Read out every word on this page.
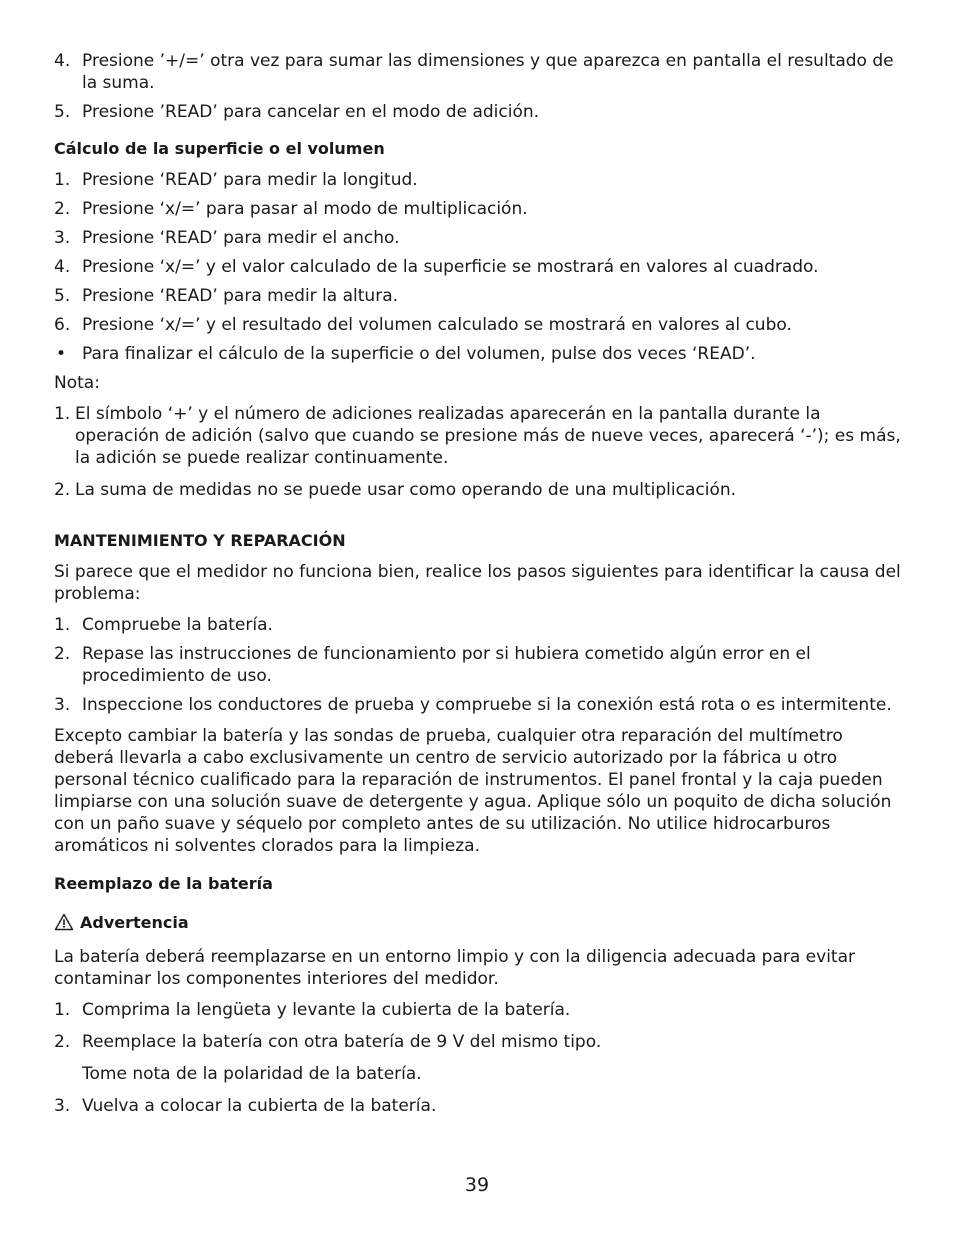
4. Presione ’+/=’ otra vez para sumar las dimensiones y que aparezca en pantalla el resultado de la suma.
5. Presione ’READ’ para cancelar en el modo de adición.
Cálculo de la superficie o el volumen
1. Presione ‘READ’ para medir la longitud.
2. Presione ‘x/=’ para pasar al modo de multiplicación.
3. Presione ‘READ’ para medir el ancho.
4. Presione ‘x/=’ y el valor calculado de la superficie se mostrará en valores al cuadrado.
5. Presione ‘READ’ para medir la altura.
6. Presione ‘x/=’ y el resultado del volumen calculado se mostrará en valores al cubo.
• Para finalizar el cálculo de la superficie o del volumen, pulse dos veces ‘READ’.
Nota:
1. El símbolo ‘+’ y el número de adiciones realizadas aparecerán en la pantalla durante la operación de adición (salvo que cuando se presione más de nueve veces, aparecerá ‘-’); es más, la adición se puede realizar continuamente.
2. La suma de medidas no se puede usar como operando de una multiplicación.
MANTENIMIENTO Y REPARACIÓN
Si parece que el medidor no funciona bien, realice los pasos siguientes para identificar la causa del problema:
1. Compruebe la batería.
2. Repase las instrucciones de funcionamiento por si hubiera cometido algún error en el procedimiento de uso.
3. Inspeccione los conductores de prueba y compruebe si la conexión está rota o es intermitente.
Excepto cambiar la batería y las sondas de prueba, cualquier otra reparación del multímetro deberá llevarla a cabo exclusivamente un centro de servicio autorizado por la fábrica u otro personal técnico cualificado para la reparación de instrumentos. El panel frontal y la caja pueden limpiarse con una solución suave de detergente y agua. Aplique sólo un poquito de dicha solución con un paño suave y séquelo por completo antes de su utilización. No utilice hidrocarburos aromáticos ni solventes clorados para la limpieza.
Reemplazo de la batería
Advertencia
La batería deberá reemplazarse en un entorno limpio y con la diligencia adecuada para evitar contaminar los componentes interiores del medidor.
1. Comprima la lengüeta y levante la cubierta de la batería.
2. Reemplace la batería con otra batería de 9 V del mismo tipo.
Tome nota de la polaridad de la batería.
3. Vuelva a colocar la cubierta de la batería.
39
